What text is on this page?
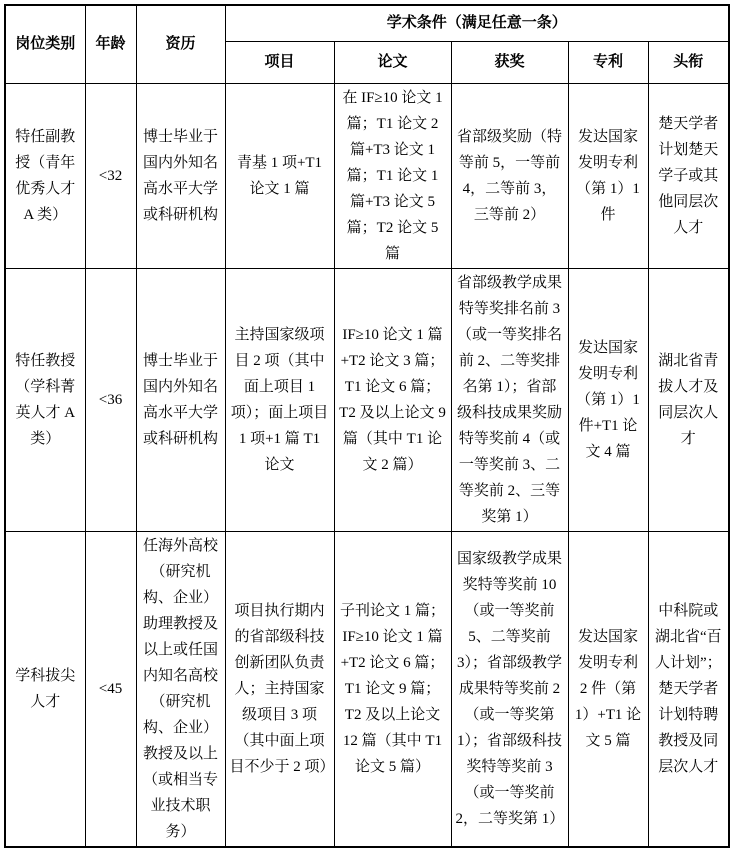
岗位类别	年龄	资历	学术条件（满足任意一条）				
			项目	论文	获奖	专利	头衔
特任副教授（青年优秀人才 A 类）	<32	博士毕业于国内外知名高水平大学或科研机构	青基 1 项+T1 论文 1 篇	在 IF≥10 论文 1 篇；T1 论文 2 篇+T3 论文 1 篇；T1 论文 1 篇+T3 论文 5 篇；T2 论文 5 篇	省部级奖励（特等前 5，一等前 4，二等前 3，三等前 2）	发达国家发明专利（第 1）1 件	楚天学者计划楚天学子或其他同层次人才
特任教授（学科菁英人才 A 类）	<36	博士毕业于国内外知名高水平大学或科研机构	主持国家级项目 2 项（其中面上项目 1 项）；面上项目 1 项+1 篇 T1 论文	IF≥10 论文 1 篇+T2 论文 3 篇；T1 论文 6 篇；T2 及以上论文 9 篇（其中 T1 论文 2 篇）	省部级教学成果特等奖排名前 3（或一等奖排名前 2、二等奖排名第 1）；省部级科技成果奖励特等奖前 4（或一等奖前 3、二等奖前 2、三等奖第 1）	发达国家发明专利（第 1）1 件+T1 论文 4 篇	湖北省青拔人才及同层次人才
学科拔尖人才	<45	任海外高校（研究机构、企业）助理教授及以上或任国内知名高校（研究机构、企业）教授及以上（或相当专业技术职务）	项目执行期内的省部级科技创新团队负责人；主持国家级项目 3 项（其中面上项目不少于 2 项）	子刊论文 1 篇；IF≥10 论文 1 篇+T2 论文 6 篇；T1 论文 9 篇；T2 及以上论文 12 篇（其中 T1 论文 5 篇）	国家级教学成果奖特等奖前 10（或一等奖前 5、二等奖前 3）；省部级教学成果特等奖前 2（或一等奖第 1）；省部级科技奖特等奖前 3（或一等奖前 2，二等奖第 1）	发达国家发明专利 2 件（第 1）+T1 论文 5 篇	中科院或湖北省“百人计划”；楚天学者计划特聘教授及同层次人才
